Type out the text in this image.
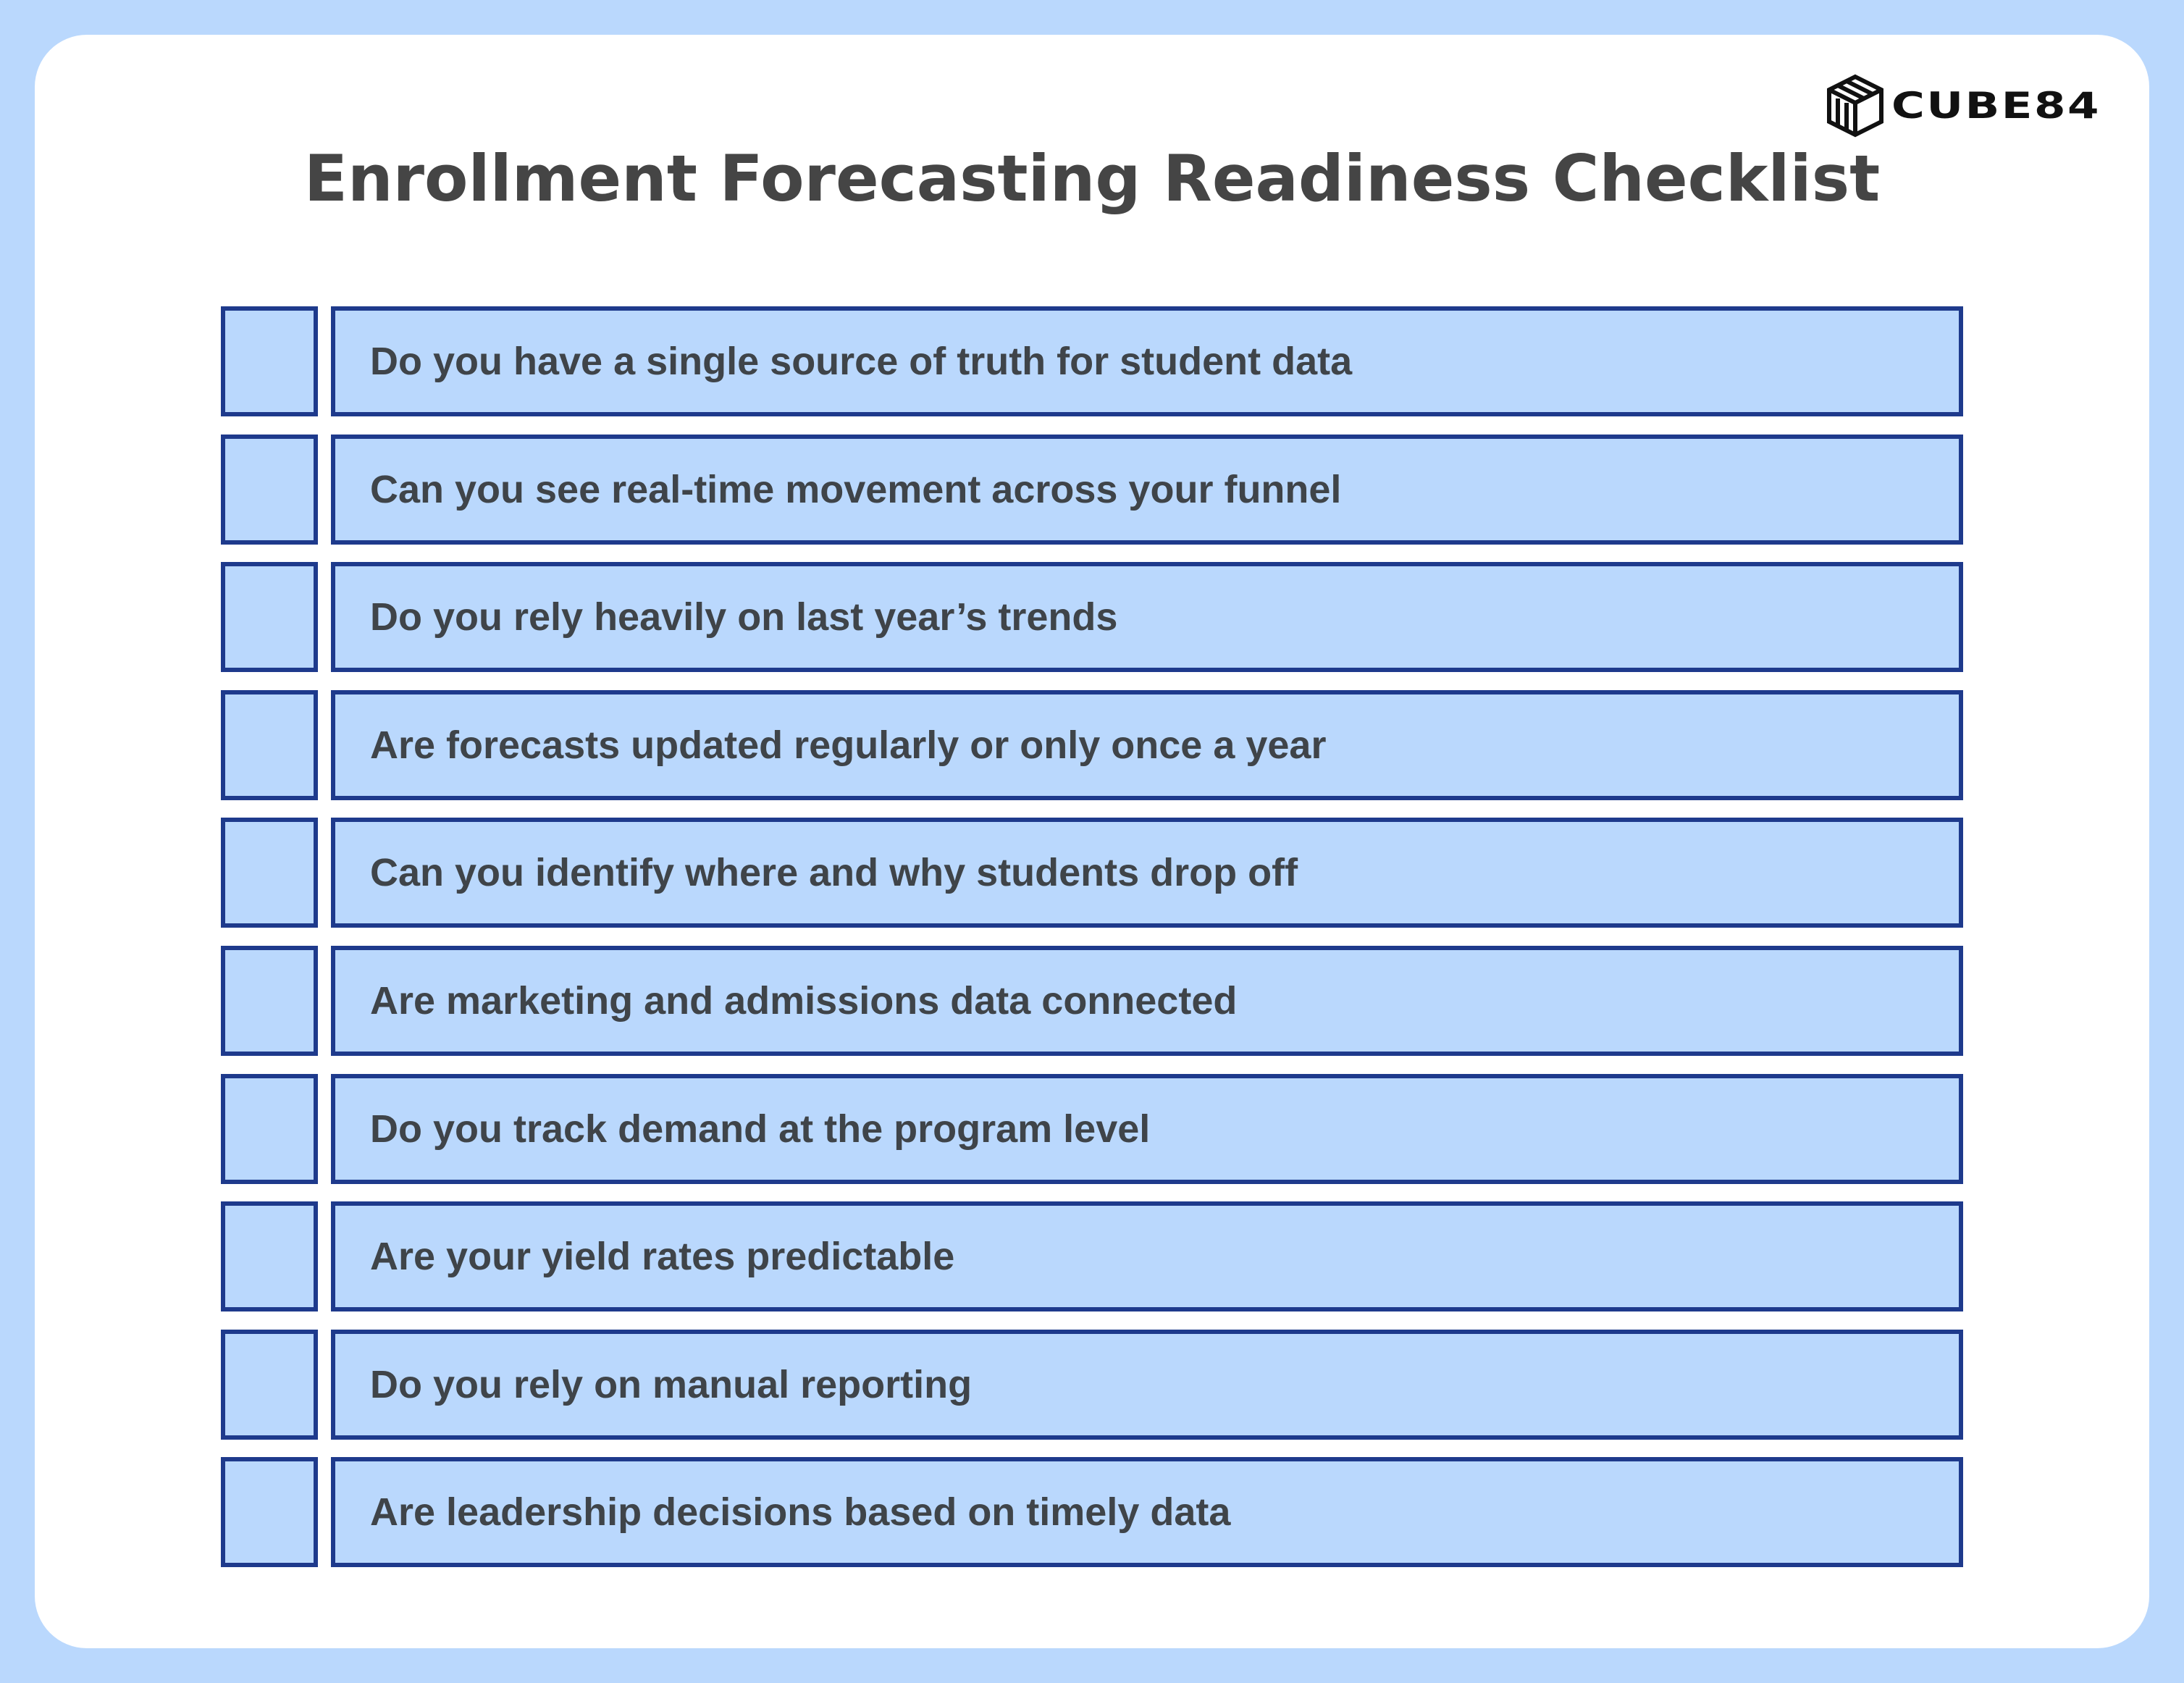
CUBE84
Enrollment Forecasting Readiness Checklist
Do you have a single source of truth for student data
Can you see real-time movement across your funnel
Do you rely heavily on last year’s trends
Are forecasts updated regularly or only once a year
Can you identify where and why students drop off
Are marketing and admissions data connected
Do you track demand at the program level
Are your yield rates predictable
Do you rely on manual reporting
Are leadership decisions based on timely data
